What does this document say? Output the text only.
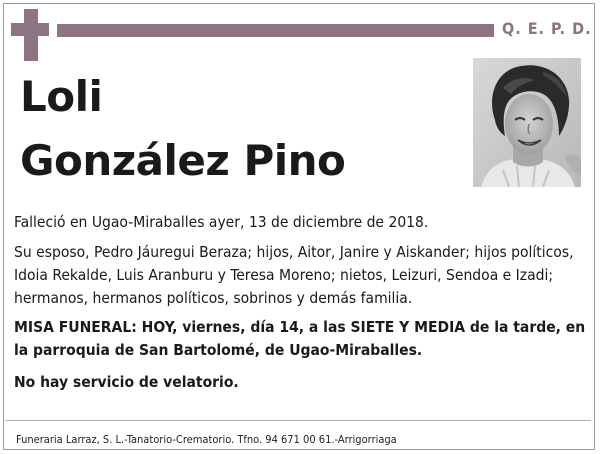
Q. E. P. D.
Loli
González Pino
Falleció en Ugao-Miraballes ayer, 13 de diciembre de 2018.
Su esposo, Pedro Jáuregui Beraza; hijos, Aitor, Janire y Aiskander; hijos políticos, Idoia Rekalde, Luis Aranburu y Teresa Moreno; nietos, Leizuri, Sendoa e Izadi; hermanos, hermanos políticos, sobrinos y demás familia.
MISA FUNERAL: HOY, viernes, día 14, a las SIETE Y MEDIA de la tarde, en la parroquia de San Bartolomé, de Ugao-Miraballes.
No hay servicio de velatorio.
Funeraria Larraz, S. L.-Tanatorio-Crematorio. Tfno. 94 671 00 61.-Arrigorriaga
